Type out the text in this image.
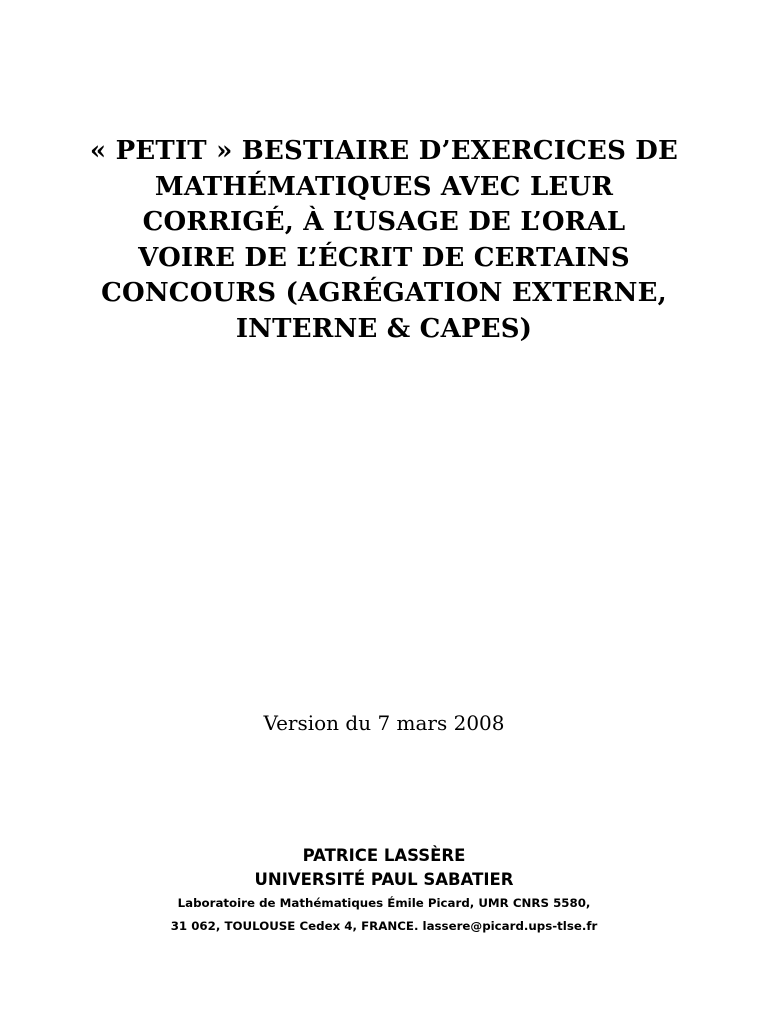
« PETIT » BESTIAIRE D’EXERCICES DE
MATHÉMATIQUES AVEC LEUR
CORRIGÉ, À L’USAGE DE L’ORAL
VOIRE DE L’ÉCRIT DE CERTAINS
CONCOURS (AGRÉGATION EXTERNE,
INTERNE & CAPES)
Version du 7 mars 2008
PATRICE LASSÈRE
UNIVERSITÉ PAUL SABATIER
Laboratoire de Mathématiques Émile Picard, UMR CNRS 5580,
31 062, TOULOUSE Cedex 4, FRANCE. lassere@picard.ups-tlse.fr
